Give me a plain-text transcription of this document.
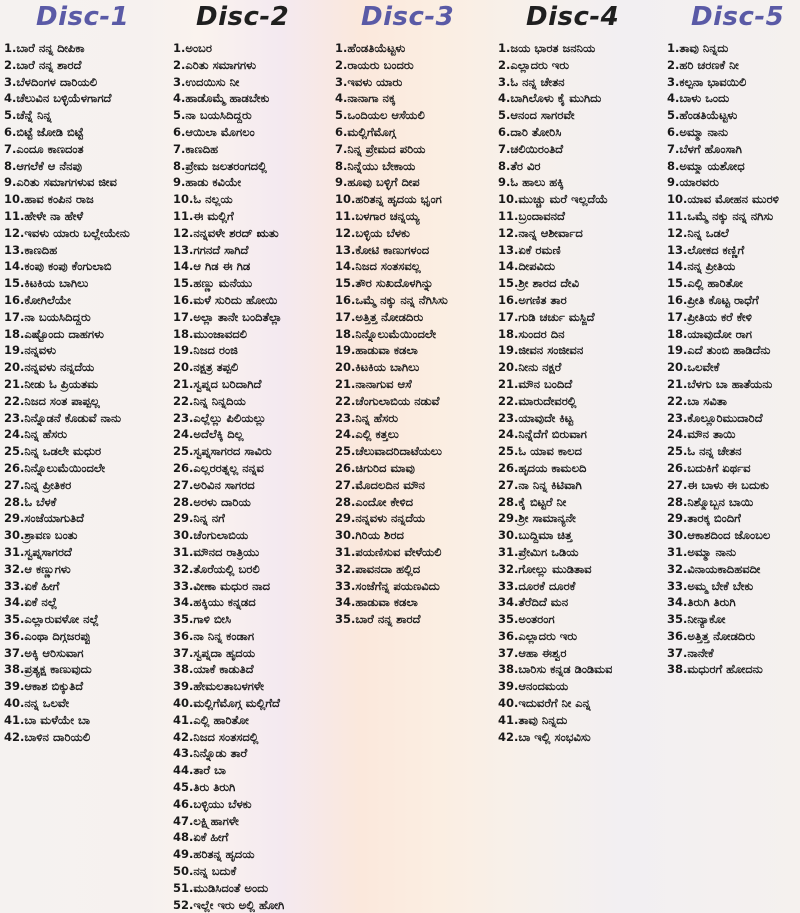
Disc-1
1.ಬಾರೆ ನನ್ನ ದೀಪಿಕಾ
2.ಬಾರೆ ನನ್ನ ಶಾರದೆ
3.ಬೆಳದಿಂಗಳ ದಾರಿಯಲಿ
4.ಚೆಲುವಿನ ಬಳ್ಳಿಯೆಳಗಾಗದೆ
5.ಚೆನ್ನೆ ನಿನ್ನ
6.ಬಿಟ್ಟೆ ಜೋಡಿ ಬಿಟ್ಟೆ
7.ಎಂದೂ ಕಾಣದಂತ
8.ಆಗಲೆಕೆ ಆ ನೆನಪು
9.ಎರಿತು ಸಮಾಗಗಳುವ ಜೀವ
10.ಹಾವ ಕಂಪಿನ ರಾಜ
11.ಹೇಳೇ ನಾ ಹೇಳೆ
12.ಇವಳು ಯಾರು ಬಲ್ಲೇಯೇನು
13.ಕಾಣದಿಹ
14.ಕಂಪು ಕಂಪು ಕೆಂಗುಲಾಬಿ
15.ಕಿಟಕಿಯ ಬಾಗಿಲು
16.ಕೋಗಿಲೆಯೇ
17.ನಾ ಬಯಸಿದಿದ್ದರು
18.ಎಷ್ಟೊಂದು ದಾಹಗಳು
19.ನನ್ನವಳು
20.ನನ್ನವಳು ನನ್ನದೆಯ
21.ನೀಡು ಓ ಪ್ರಿಯತಮ
22.ನಿಜದ ಸಂತ ಪಾಪ್ಪಲ್ಲ
23.ನಿನ್ನೊಡನೆ ಕೊಡುವೆ ನಾನು
24.ನಿನ್ನ ಹೆಸರು
25.ನಿನ್ನ ಒಡಲೇ ಮಧುರ
26.ನಿನ್ನೊಲುಮೆಯಿಂದಲೇ
27.ನಿನ್ನ ಪ್ರೀತಿಕರ
28.ಓ ಬೆಳಕೆ
29.ಸಂಜೆಯಾಗುತಿದೆ
30.ಶ್ರಾವಣ ಬಂತು
31.ಸ್ವಪ್ನಸಾಗರದೆ
32.ಆ ಕಣ್ಣುಗಳು
33.ಏಕೆ ಹೀಗೆ
34.ಏಕೆ ನಲ್ಲೆ
35.ಎಲ್ಲಾರುವಳೋ ನಲ್ಲೆ
36.ಎಂಥಾ ದಿಗ್ಗಜರಪ್ಪು
37.ಅಕ್ಕಿ ಆರಿಸುವಾಗ
38.ಪ್ರತ್ಯಕ್ಷ ಕಾಣುವುದು
39.ಆಕಾಶ ಬಿಕ್ಕುತಿದೆ
40.ನನ್ನ ಒಲವೇ
41.ಬಾ ಮಳೆಯೇ ಬಾ
42.ಬಾಳಿನ ದಾರಿಯಲಿ
Disc-2
1.ಅಂಬರ
2.ಎರಿತು ಸಮಾಗಗಳು
3.ಉದಯಿಸು ನೀ
4.ಹಾಡೊಮ್ಮೆ ಹಾಡಬೇಕು
5.ನಾ ಬಯಸಿದಿದ್ದರು
6.ಆಯಿಲಾ ಮೊಗಲಂ
7.ಕಾಣದಿಹ
8.ಪ್ರೇಮ ಜಲತರಂಗದಲ್ಲಿ
9.ಹಾಡು ಕವಿಯೇ
10.ಓ ನಲ್ಲಯ
11.ಈ ಮಲ್ಲಿಗೆ
12.ನನ್ನವಳೇ ಶರದ್ ಋತು
13.ಗಗನದೆ ಸಾಗಿದೆ
14.ಆ ಗಿಡ ಈ ಗಿಡ
15.ಹಣ್ಣು ಮನೆಯು
16.ಮಳೆ ಸುರಿದು ಹೋಯಿ
17.ಅಲ್ಲಾ ತಾನೇ ಬಂದಿತೆಲ್ಲಾ
18.ಮುಂಜಾವದಲಿ
19.ನಿಜದ ರಂಜಿ
20.ನಕ್ಷತ್ರ ತಪ್ಪಲಿ
21.ಸ್ವಪ್ನದ ಬರಿದಾಗಿದೆ
22.ನಿನ್ನ ನಿನ್ನದಿಯ
23.ಎಲ್ಲೆಲ್ಲು ಪಿಲಿಯಲ್ಲು
24.ಅದೆಲೆಕ್ಕಿ ದಿಲ್ಲ
25.ಸ್ವಪ್ನಸಾಗರದ ಸಾವಿರು
26.ಎಲ್ಲರರತ್ನಲ್ಲ ನನ್ನವ
27.ಅರಿವಿನ ಸಾಗರದ
28.ಅರಳು ದಾರಿಯ
29.ನಿನ್ನ ನಗೆ
30.ಚೆಂಗುಲಾಬಿಯ
31.ಮೌನದ ರಾತ್ರಿಯು
32.ತೊರೆಯಲ್ಲಿ ಬರಲಿ
33.ವೀಣಾ ಮಧುರ ನಾದ
34.ಹಕ್ಕಿಯು ಕನ್ನಡದ
35.ಗಾಳಿ ಬೀಸಿ
36.ನಾ ನಿನ್ನ ಕಂಡಾಗ
37.ಸ್ವಪ್ನದಾ ಹೃದಯ
38.ಯಾಕೆ ಕಾಡುತಿದೆ
39.ಹೇಮಲತಾಬಳಗಳೇ
40.ಮಲ್ಲಿಗೆಮೊಗ್ಗ ಮಲ್ಲಿಗೆದೆ
41.ಎಲ್ಲಿ ಹಾರಿತೋ
42.ನಿಜದ ಸಂತಸದಲ್ಲಿ
43.ನಿನ್ನೊಡು ತಾರೆ
44.ತಾರೆ ಬಾ
45.ತಿರು ತಿರುಗಿ
46.ಬಳ್ಳಿಯು ಬೆಳಕು
47.ಲಕ್ಷ್ಮಿಹಾಗಳೇ
48.ಏಕೆ ಹೀಗೆ
49.ಹರಿತನ್ನ ಹೃದಯ
50.ನನ್ನ ಬದುಕೆ
51.ಮುಡಿಸಿದಂತೆ ಅಂದು
52.ಇಲ್ಲೇ ಇರು ಅಲ್ಲಿ ಹೋಗಿ
Disc-3
1.ಹೆಂಡತಿಯೆಟ್ಟಳು
2.ರಾಯರು ಬಂದರು
3.ಇವಳು ಯಾರು
4.ನಾನಾಗಾ ನಕ್ಕ
5.ಒಂದಿಯಲ ಆಸೆಯಲಿ
6.ಮಲ್ಲಿಗೆಮೊಗ್ಗ
7.ನಿನ್ನ ಪ್ರೇಮದ ಪರಿಯ
8.ನಿನ್ನೆಯು ಬೇಕಾಯ
9.ಹೂವು ಬಳ್ಳಿಗೆ ದೀಪ
10.ಹರಿತನ್ನ ಹೃದಯ ಭೃಂಗ
11.ಬಳಗಾರ ಚನ್ನಯ್ಯ
12.ಬಳ್ಳಿಯ ಬೆಳಕು
13.ಕೋಟಿ ಕಾಣುಗಳಂದ
14.ನಿಜದ ಸಂತಸವಲ್ಲ
15.ತೌರ ಸುಖದೊಳಗಿನ್ನು
16.ಒಮ್ಮೆ ನಕ್ಕು ನನ್ನ ನೆಗಿಸಿಸು
17.ಅತ್ತಿತ್ತ ನೋಡದಿರು
18.ನಿನ್ನೊಲುಮೆಯಿಂದಲೇ
19.ಹಾಡುವಾ ಕಡಲಾ
20.ಕಿಟಕಿಯ ಬಾಗಿಲು
21.ನಾನಾಗುವ ಆಸೆ
22.ಚೆಂಗುಲಾಬಿಯ ನಡುವೆ
23.ನಿನ್ನ ಹೆಸರು
24.ಎಲ್ಲಿ ಕತ್ತಲು
25.ಚೆಲುವಾದರಿದಾಟೆಯಲು
26.ಚಿಗುರಿದ ಮಾವು
27.ಮೊದಲದಿನ ಮೌನ
28.ಎಂದೋ ಕೇಳಿದ
29.ನನ್ನವಳು ನನ್ನದೆಯ
30.ಗಿರಿಯ ಶಿರದ
31.ಪಯಣಿಸುವ ವೇಳೆಯಲಿ
32.ಪಾವನದಾ ಹಲ್ಲಿದ
33.ಸಂಜೆಗೆನ್ನ ಪಯಣವಿದು
34.ಹಾಡುವಾ ಕಡಲಾ
35.ಬಾರೆ ನನ್ನ ಶಾರದೆ
Disc-4
1.ಜಯ ಭಾರತ ಜನನಿಯ
2.ಎಲ್ಲಾದರು ಇರು
3.ಓ ನನ್ನ ಚೇತನ
4.ಬಾಗಿಲೊಳು ಕೈ ಮುಗಿದು
5.ಆನಂದ ಸಾಗರವೇ
6.ದಾರಿ ತೋರಿಸಿ
7.ಚಲಿಯಿರಂತಿದೆ
8.ತೆರ ವಿರ
9.ಓ ಹಾಲು ಹಕ್ಕಿ
10.ಮುಚ್ಚು ಮರೆ ಇಲ್ಲದೆಯೆ
11.ಬ್ರಂದಾವನದೆ
12.ನಾನ್ನ ಆಶೀರ್ವಾದ
13.ಏಕೆ ರಮಣಿ
14.ದೀಪವಿದು
15.ಶ್ರೀ ಶಾರದ ದೇವಿ
16.ಅಗಣಿತ ತಾರ
17.ಗುಡಿ ಚರ್ಚು ಮಸ್ಜಿದೆ
18.ಸುಂದರ ದಿನ
19.ಜೀವನ ಸಂಜೀವನ
20.ನೀನು ನಕ್ಷರೆ
21.ಮೌನ ಬಂದಿದೆ
22.ಮಾರುದೇವರಲ್ಲಿ
23.ಯಾವುದೇ ಕಿಟ್ಟ
24.ನಿನ್ನೆದೆಗೆ ಬಿರುವಾಗ
25.ಓ ಯಾವ ಕಾಲದ
26.ಹೃದಯ ಕಾಮಲದಿ
27.ನಾ ನಿನ್ನ ಕಿಟಿವಾಗಿ
28.ಕೈ ಬಿಟ್ಟರೆ ನೀ
29.ಶ್ರೀ ಸಾಮಾನ್ಯನೇ
30.ಬುದ್ದಿಮಾ ಚಿತ್ತ
31.ಪ್ರೇಮಿಗ ಒಡಿಯ
32.ಗೋಲ್ಲು ಮುಡಿತಾವ
33.ದೂರಕೆ ದೂರಕೆ
34.ತೆರೆದಿದೆ ಮನ
35.ಅಂತರಂಗ
36.ಎಲ್ಲಾದರು ಇರು
37.ಆಹಾ ಈಶ್ವರ
38.ಬಾರಿಸು ಕನ್ನಡ ಡಿಂಡಿಮವ
39.ಆನಂದಮಯ
40.ಇದುವರೆಗೆ ನೀ ಎನ್ನ
41.ತಾವು ನಿನ್ನದು
42.ಬಾ ಇಲ್ಲಿ ಸಂಭವಿಸು
Disc-5
1.ತಾವು ನಿನ್ನದು
2.ಹರಿ ಚರಣಕೆ ನೀ
3.ಕಲ್ಪನಾ ಭಾವಯಿಲಿ
4.ಬಾಳು ಒಂದು
5.ಹೆಂಡತಿಯೆಟ್ಟಳು
6.ಅಮ್ಮಾ ನಾನು
7.ಬೆಳಗೆ ಹೊಂಸಾಗಿ
8.ಅಮ್ಮಾ ಯಶೋಧ
9.ಯಾರವರು
10.ಯಾವ ಮೋಹನ ಮುರಳಿ
11.ಒಮ್ಮೆ ನಕ್ಕು ನನ್ನ ನಗಿಸು
12.ನಿನ್ನ ಒಡಲೆ
13.ಲೋಕದ ಕಣ್ಣಿಗೆ
14.ನನ್ನ ಪ್ರೀತಿಯ
15.ಎಲ್ಲಿ ಹಾರಿತೋ
16.ಪ್ರೀತಿ ಕೊಟ್ಟ ರಾಧೆಗೆ
17.ಪ್ರೀತಿಯ ಕರೆ ಕೇಳಿ
18.ಯಾವುದೋ ರಾಗ
19.ಎದೆ ತುಂಬಿ ಹಾಡಿದೆನು
20.ಒಲವೇಕೆ
21.ಬೆಳಗು ಬಾ ಹಾತೆಯನು
22.ಬಾ ಸವಿತಾ
23.ಕೊಲ್ಲೂರಿಮುದಾರಿದೆ
24.ಮೌನ ತಾಯಿ
25.ಓ ನನ್ನ ಚೇತನ
26.ಬದುಕಿಗೆ ಏರ್ಥವ
27.ಈ ಬಾಳು ಈ ಬದುಕು
28.ನಿಶ್ಮೊಬ್ಬನ ಬಾಯಿ
29.ತಾರಕ್ಕ ಬಿಂದಿಗೆ
30.ಆಕಾಶದಿಂದ ಜೊಂಬಲ
31.ಅಮ್ಮಾ ನಾನು
32.ವಿನಾಯಕಾದಿಹವದೀ
33.ಅಮ್ಮ ಬೇಕೆ ಬೇಕು
34.ತಿರುಗಿ ತಿರುಗಿ
35.ನೀನ್ಯಾಕೋ
36.ಅತ್ತಿತ್ತ ನೋಡದಿರು
37.ನಾನೇಕೆ
38.ಮಧುರಗೆ ಹೋದನು
